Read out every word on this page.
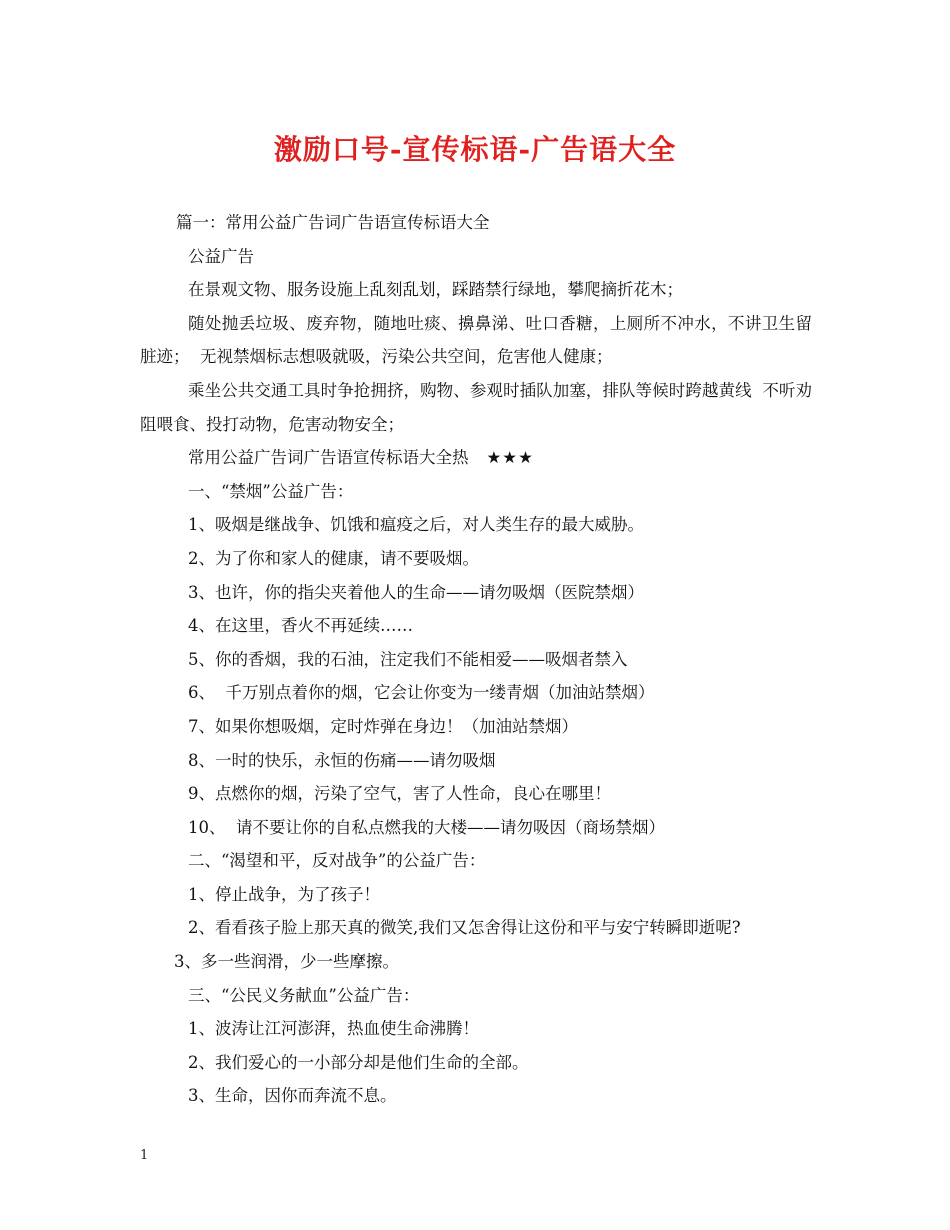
激励口号-宣传标语-广告语大全

篇一：常用公益广告词广告语宣传标语大全

公益广告

在景观文物、服务设施上乱刻乱划，踩踏禁行绿地，攀爬摘折花木；

随处抛丢垃圾、废弃物，随地吐痰、擤鼻涕、吐口香糖，上厕所不冲水，不讲卫生留脏迹；  无视禁烟标志想吸就吸，污染公共空间，危害他人健康；

乘坐公共交通工具时争抢拥挤，购物、参观时插队加塞，排队等候时跨越黄线  不听劝阻喂食、投打动物，危害动物安全；

常用公益广告词广告语宣传标语大全热 ★★★

一、“禁烟”公益广告：

1、吸烟是继战争、饥饿和瘟疫之后，对人类生存的最大威胁。

2、为了你和家人的健康，请不要吸烟。

3、也许，你的指尖夹着他人的生命——请勿吸烟（医院禁烟）

4、在这里，香火不再延续……

5、你的香烟，我的石油，注定我们不能相爱——吸烟者禁入

6、  千万别点着你的烟，它会让你变为一缕青烟（加油站禁烟）

7、如果你想吸烟，定时炸弹在身边！（加油站禁烟）

8、一时的快乐，永恒的伤痛——请勿吸烟

9、点燃你的烟，污染了空气，害了人性命，良心在哪里！

10、  请不要让你的自私点燃我的大楼——请勿吸因（商场禁烟）

二、“渴望和平，反对战争”的公益广告：

1、停止战争，为了孩子！

2、看看孩子脸上那天真的微笑,我们又怎舍得让这份和平与安宁转瞬即逝呢?

3、多一些润滑，少一些摩擦。

三、“公民义务献血”公益广告：

1、波涛让江河澎湃，热血使生命沸腾！

2、我们爱心的一小部分却是他们生命的全部。

3、生命，因你而奔流不息。

1
